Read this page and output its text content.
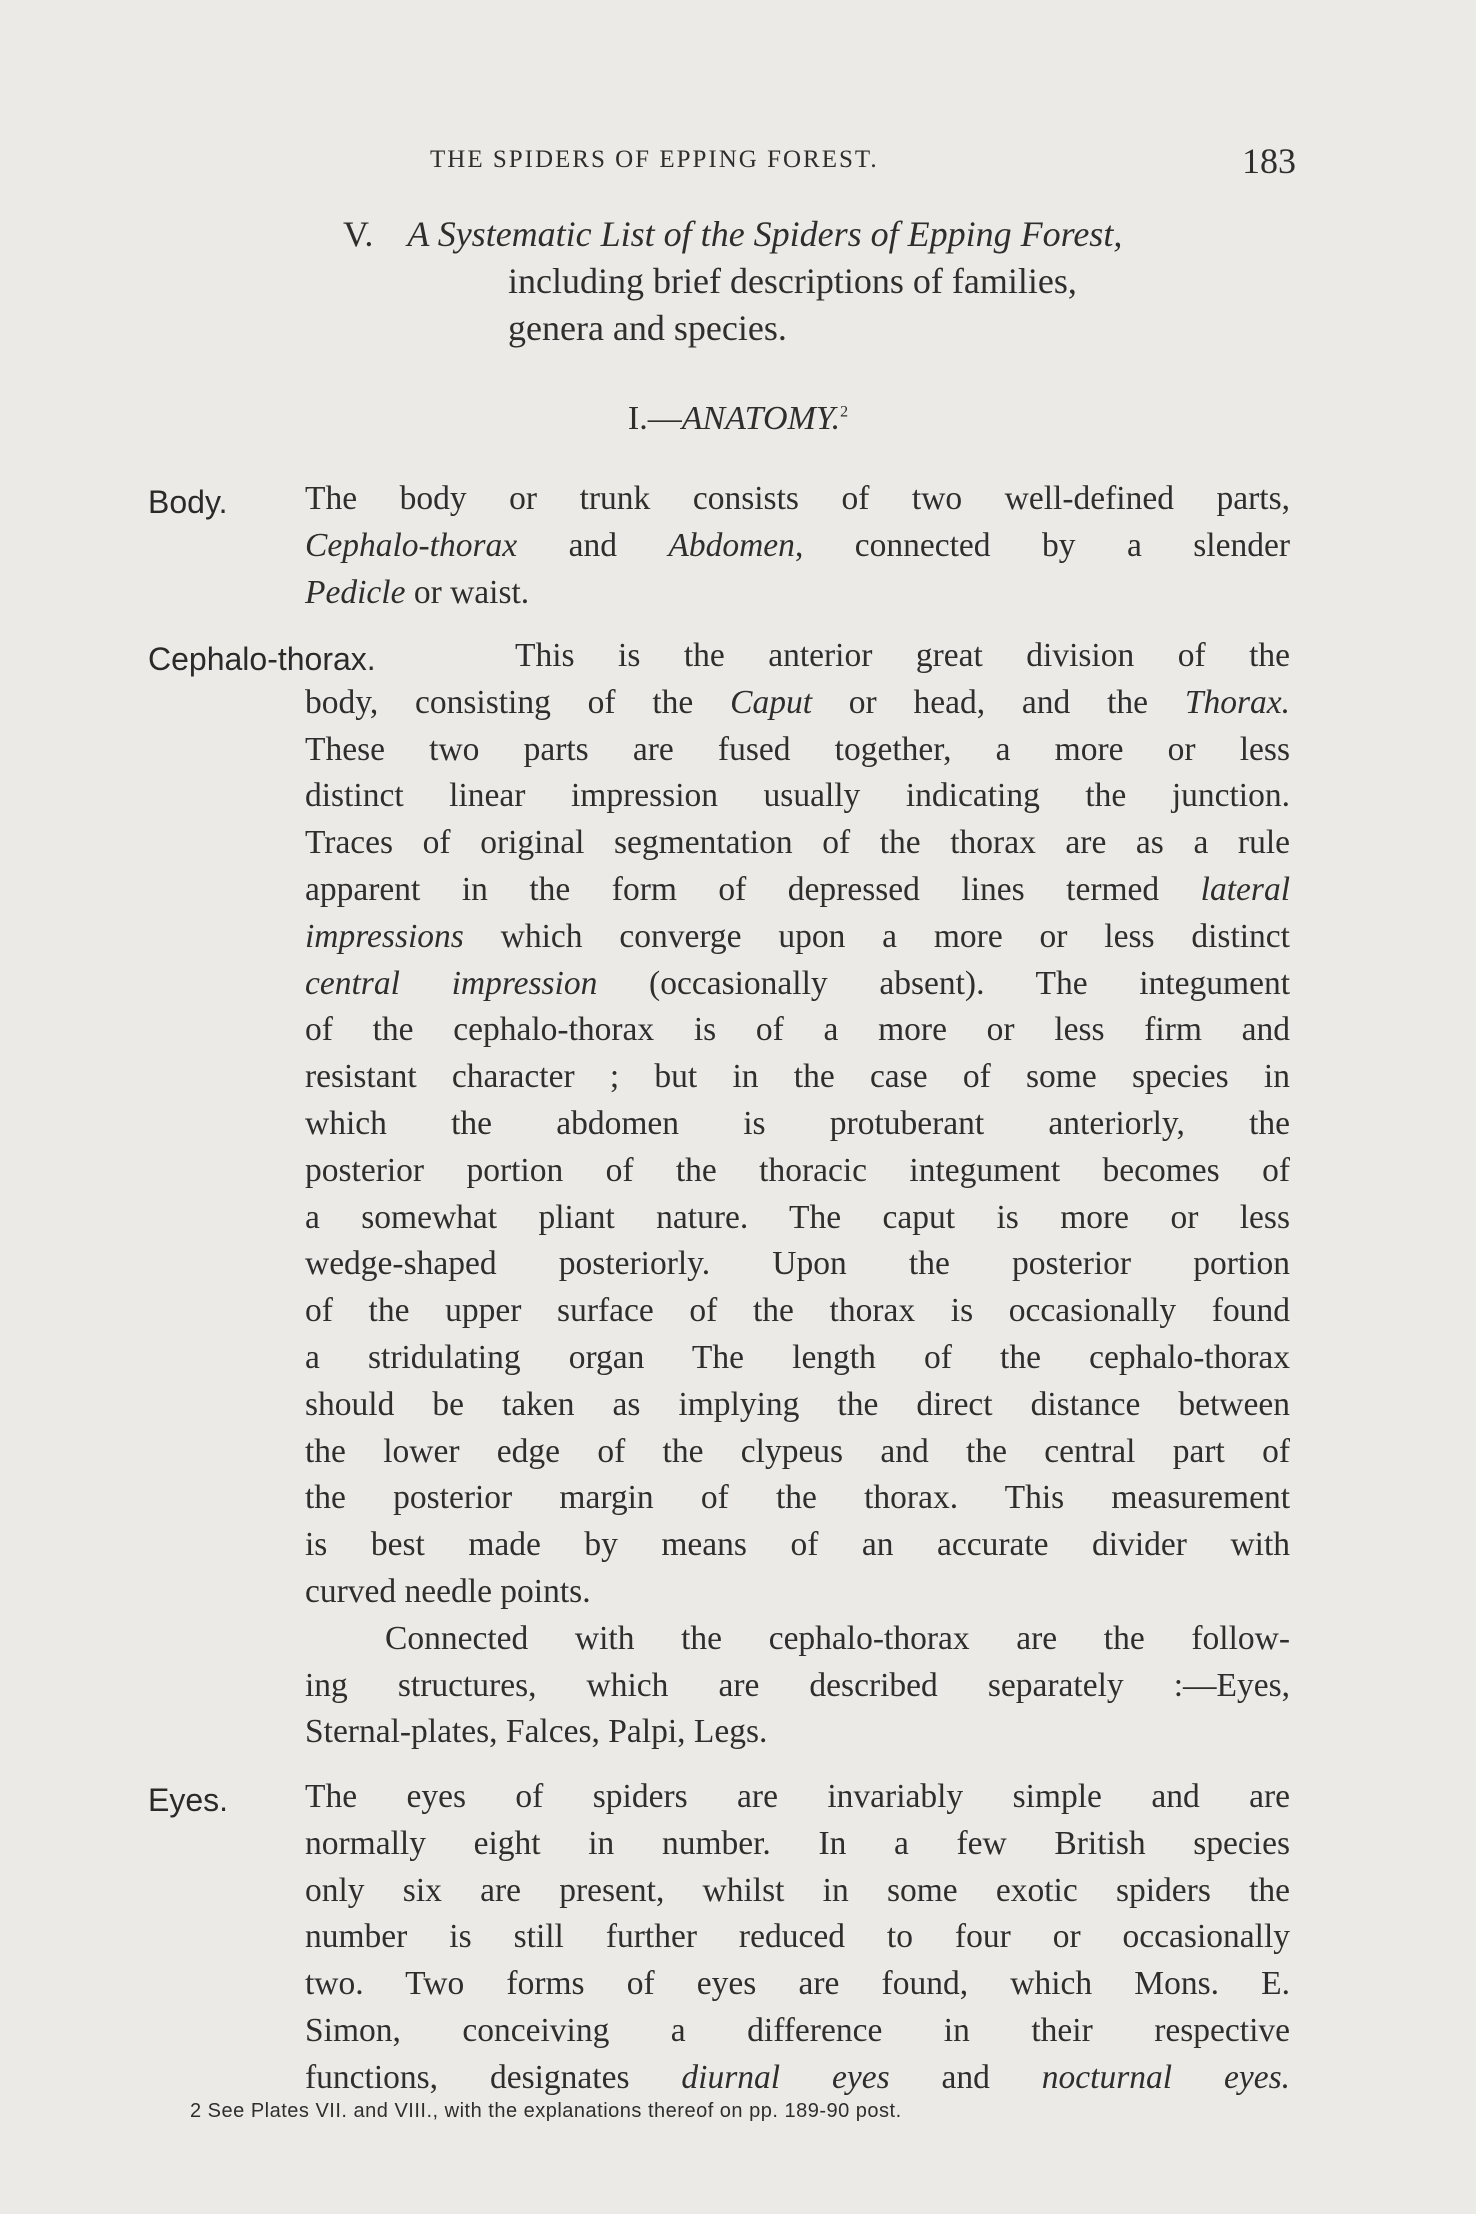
THE SPIDERS OF EPPING FOREST.	183
V. A Systematic List of the Spiders of Epping Forest,
including brief descriptions of families,
genera and species.
I.—ANATOMY.$^2$
Body. The body or trunk consists of two well-defined parts,
Cephalo-thorax and Abdomen, connected by a slender
Pedicle or waist.
Cephalo-thorax.	This is the anterior great division of the
body, consisting of the Caput or head, and the Thorax.
These two parts are fused together, a more or less
distinct linear impression usually indicating the junction.
Traces of original segmentation of the thorax are as a rule
apparent in the form of depressed lines termed lateral
impressions which converge upon a more or less distinct
central impression (occasionally absent). The integument
of the cephalo-thorax is of a more or less firm and
resistant character ; but in the case of some species in
which the abdomen is protuberant anteriorly, the
posterior portion of the thoracic integument becomes of
a somewhat pliant nature. The caput is more or less
wedge-shaped posteriorly. Upon the posterior portion
of the upper surface of the thorax is occasionally found
a stridulating organ The length of the cephalo-thorax
should be taken as implying the direct distance between
the lower edge of the clypeus and the central part of
the posterior margin of the thorax. This measurement
is best made by means of an accurate divider with
curved needle points.
Connected with the cephalo-thorax are the follow-
ing structures, which are described separately :—Eyes,
Sternal-plates, Falces, Palpi, Legs.
Eyes. The eyes of spiders are invariably simple and are
normally eight in number. In a few British species
only six are present, whilst in some exotic spiders the
number is still further reduced to four or occasionally
two. Two forms of eyes are found, which Mons. E.
Simon, conceiving a difference in their respective
functions, designates diurnal eyes and nocturnal eyes.
2 See Plates VII. and VIII., with the explanations thereof on pp. 189-90 post.
